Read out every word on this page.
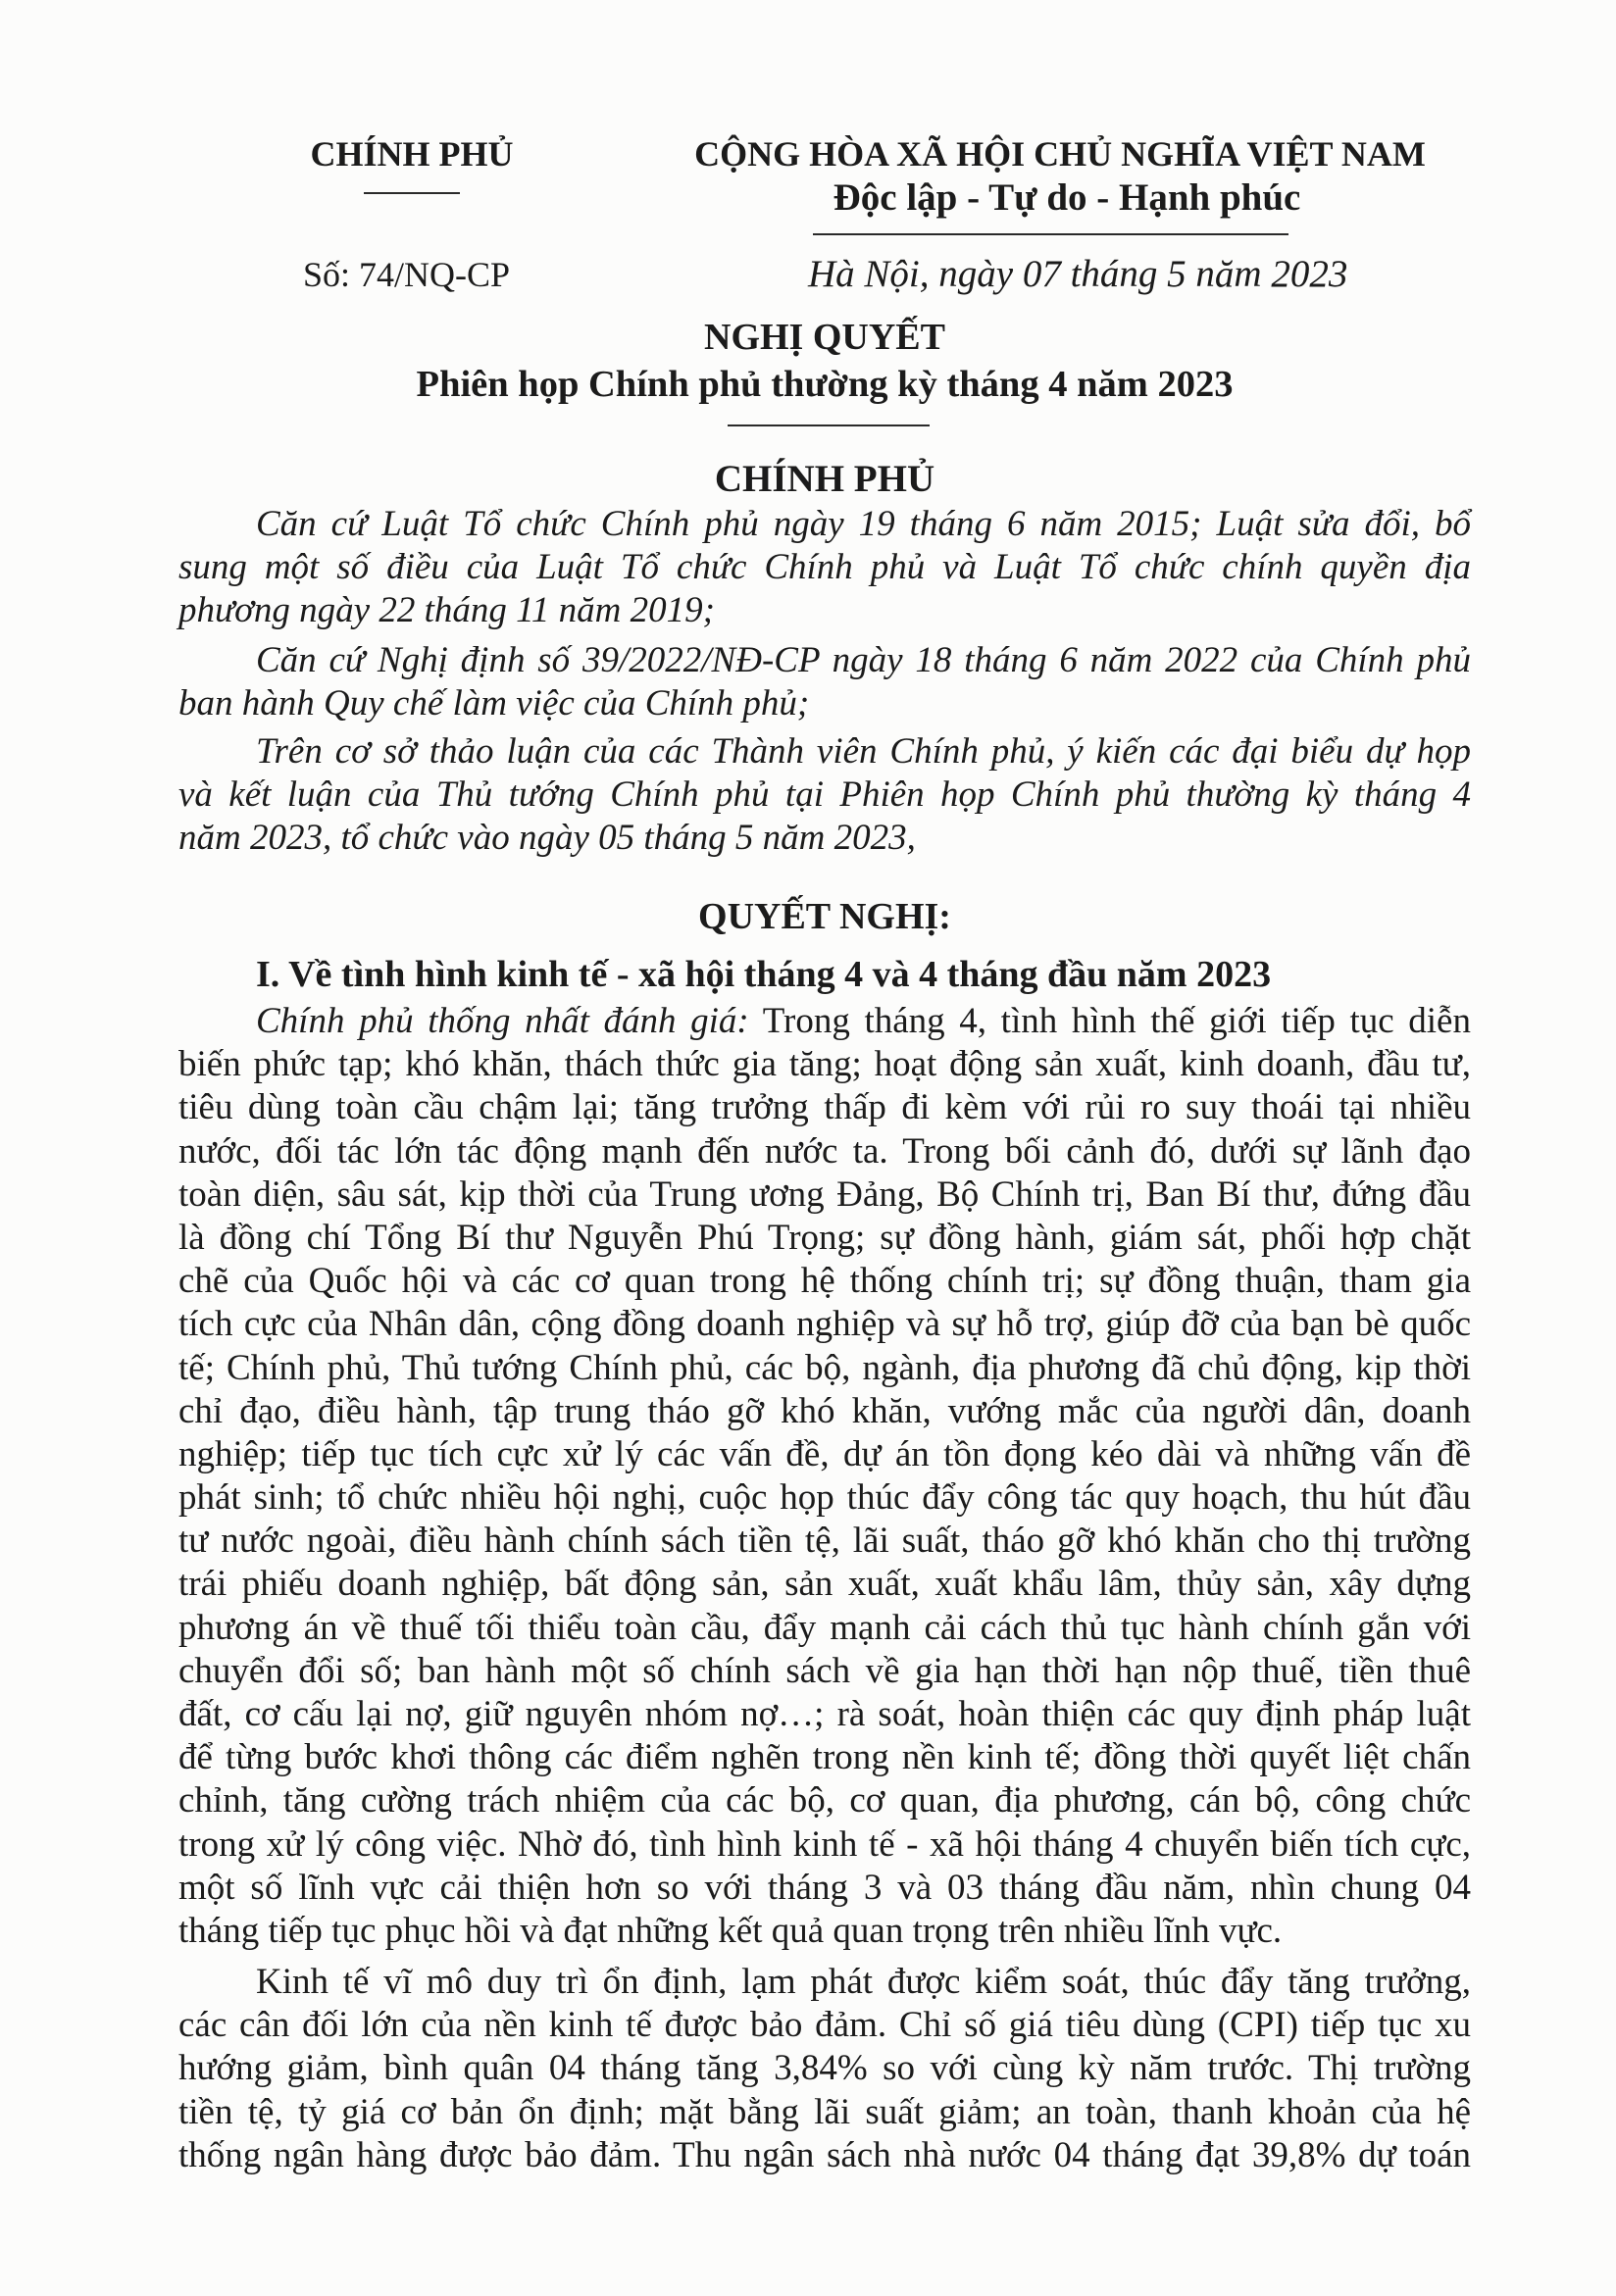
CHÍNH PHỦ
Số: 74/NQ-CP
CỘNG HÒA XÃ HỘI CHỦ NGHĨA VIỆT NAM
Độc lập - Tự do - Hạnh phúc
Hà Nội, ngày 07 tháng 5 năm 2023
NGHỊ QUYẾT
Phiên họp Chính phủ thường kỳ tháng 4 năm 2023
CHÍNH PHỦ
Căn cứ Luật Tổ chức Chính phủ ngày 19 tháng 6 năm 2015; Luật sửa đổi, bổ
sung một số điều của Luật Tổ chức Chính phủ và Luật Tổ chức chính quyền địa
phương ngày 22 tháng 11 năm 2019;
Căn cứ Nghị định số 39/2022/NĐ-CP ngày 18 tháng 6 năm 2022 của Chính phủ
ban hành Quy chế làm việc của Chính phủ;
Trên cơ sở thảo luận của các Thành viên Chính phủ, ý kiến các đại biểu dự họp
và kết luận của Thủ tướng Chính phủ tại Phiên họp Chính phủ thường kỳ tháng 4
năm 2023, tổ chức vào ngày 05 tháng 5 năm 2023,
QUYẾT NGHỊ:
I. Về tình hình kinh tế - xã hội tháng 4 và 4 tháng đầu năm 2023
Chính phủ thống nhất đánh giá: Trong tháng 4, tình hình thế giới tiếp tục diễn
biến phức tạp; khó khăn, thách thức gia tăng; hoạt động sản xuất, kinh doanh, đầu tư,
tiêu dùng toàn cầu chậm lại; tăng trưởng thấp đi kèm với rủi ro suy thoái tại nhiều
nước, đối tác lớn tác động mạnh đến nước ta. Trong bối cảnh đó, dưới sự lãnh đạo
toàn diện, sâu sát, kịp thời của Trung ương Đảng, Bộ Chính trị, Ban Bí thư, đứng đầu
là đồng chí Tổng Bí thư Nguyễn Phú Trọng; sự đồng hành, giám sát, phối hợp chặt
chẽ của Quốc hội và các cơ quan trong hệ thống chính trị; sự đồng thuận, tham gia
tích cực của Nhân dân, cộng đồng doanh nghiệp và sự hỗ trợ, giúp đỡ của bạn bè quốc
tế; Chính phủ, Thủ tướng Chính phủ, các bộ, ngành, địa phương đã chủ động, kịp thời
chỉ đạo, điều hành, tập trung tháo gỡ khó khăn, vướng mắc của người dân, doanh
nghiệp; tiếp tục tích cực xử lý các vấn đề, dự án tồn đọng kéo dài và những vấn đề
phát sinh; tổ chức nhiều hội nghị, cuộc họp thúc đẩy công tác quy hoạch, thu hút đầu
tư nước ngoài, điều hành chính sách tiền tệ, lãi suất, tháo gỡ khó khăn cho thị trường
trái phiếu doanh nghiệp, bất động sản, sản xuất, xuất khẩu lâm, thủy sản, xây dựng
phương án về thuế tối thiểu toàn cầu, đẩy mạnh cải cách thủ tục hành chính gắn với
chuyển đổi số; ban hành một số chính sách về gia hạn thời hạn nộp thuế, tiền thuê
đất, cơ cấu lại nợ, giữ nguyên nhóm nợ…; rà soát, hoàn thiện các quy định pháp luật
để từng bước khơi thông các điểm nghẽn trong nền kinh tế; đồng thời quyết liệt chấn
chỉnh, tăng cường trách nhiệm của các bộ, cơ quan, địa phương, cán bộ, công chức
trong xử lý công việc. Nhờ đó, tình hình kinh tế - xã hội tháng 4 chuyển biến tích cực,
một số lĩnh vực cải thiện hơn so với tháng 3 và 03 tháng đầu năm, nhìn chung 04
tháng tiếp tục phục hồi và đạt những kết quả quan trọng trên nhiều lĩnh vực.
Kinh tế vĩ mô duy trì ổn định, lạm phát được kiểm soát, thúc đẩy tăng trưởng,
các cân đối lớn của nền kinh tế được bảo đảm. Chỉ số giá tiêu dùng (CPI) tiếp tục xu
hướng giảm, bình quân 04 tháng tăng 3,84% so với cùng kỳ năm trước. Thị trường
tiền tệ, tỷ giá cơ bản ổn định; mặt bằng lãi suất giảm; an toàn, thanh khoản của hệ
thống ngân hàng được bảo đảm. Thu ngân sách nhà nước 04 tháng đạt 39,8% dự toán
